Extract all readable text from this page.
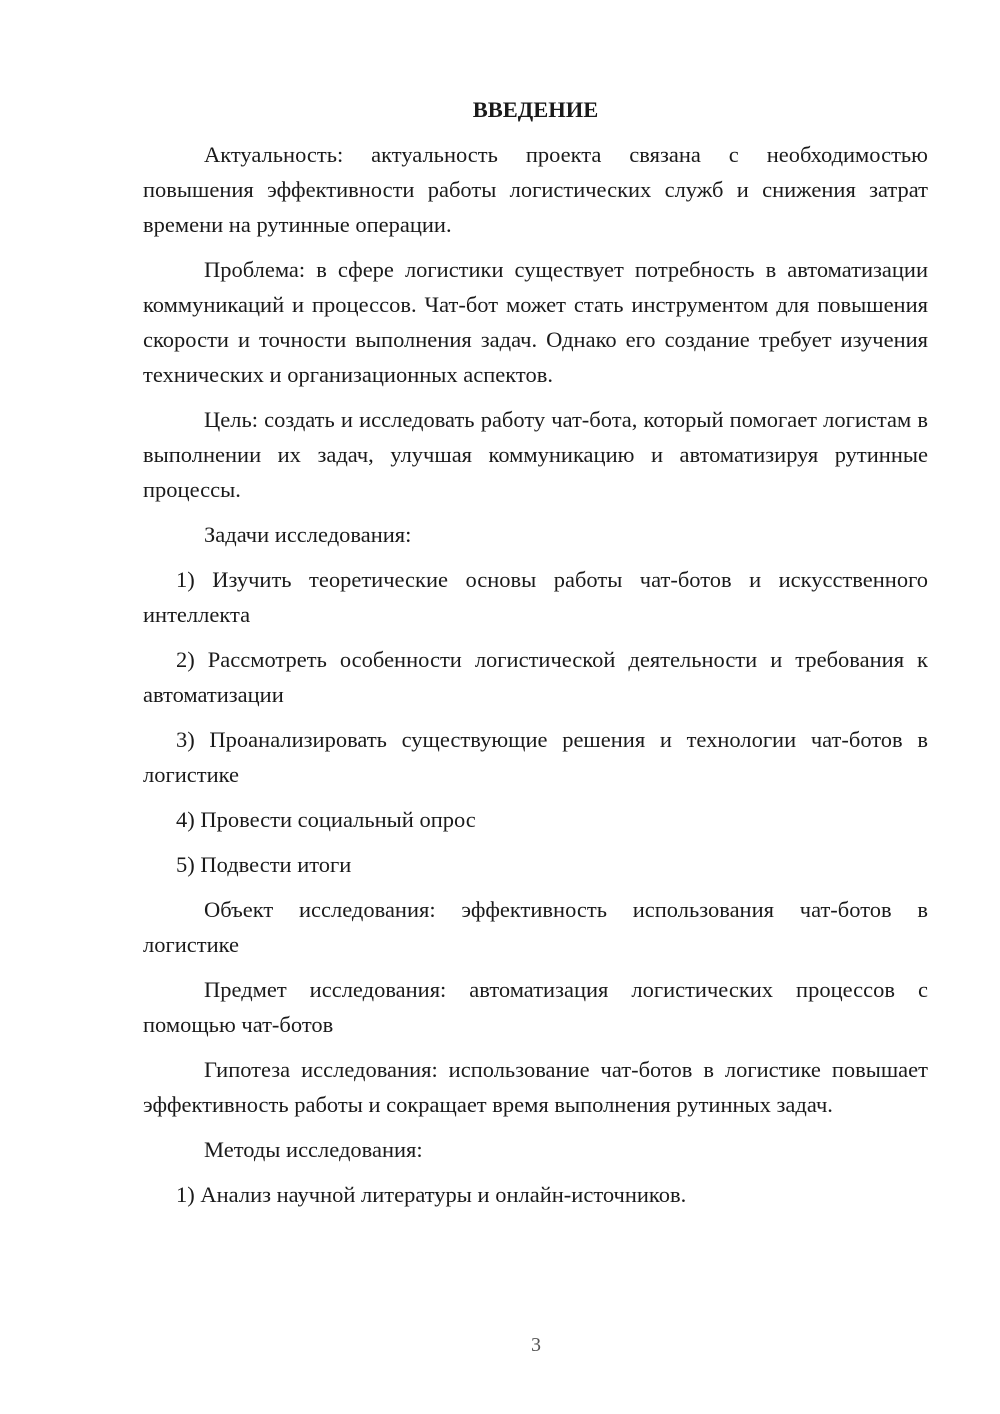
ВВЕДЕНИЕ

Актуальность: актуальность проекта связана с необходимостью повышения эффективности работы логистических служб и снижения затрат времени на рутинные операции.

Проблема: в сфере логистики существует потребность в автоматизации коммуникаций и процессов. Чат-бот может стать инструментом для повышения скорости и точности выполнения задач. Однако его создание требует изучения технических и организационных аспектов.

Цель: создать и исследовать работу чат-бота, который помогает логистам в выполнении их задач, улучшая коммуникацию и автоматизируя рутинные процессы.

Задачи исследования:

1) Изучить теоретические основы работы чат-ботов и искусственного интеллекта

2) Рассмотреть особенности логистической деятельности и требования к автоматизации

3) Проанализировать существующие решения и технологии чат-ботов в логистике

4) Провести социальный опрос

5) Подвести итоги

Объект исследования: эффективность использования чат-ботов в логистике

Предмет исследования: автоматизация логистических процессов с помощью чат-ботов

Гипотеза исследования: использование чат-ботов в логистике повышает эффективность работы и сокращает время выполнения рутинных задач.

Методы исследования:

1) Анализ научной литературы и онлайн-источников.

3
